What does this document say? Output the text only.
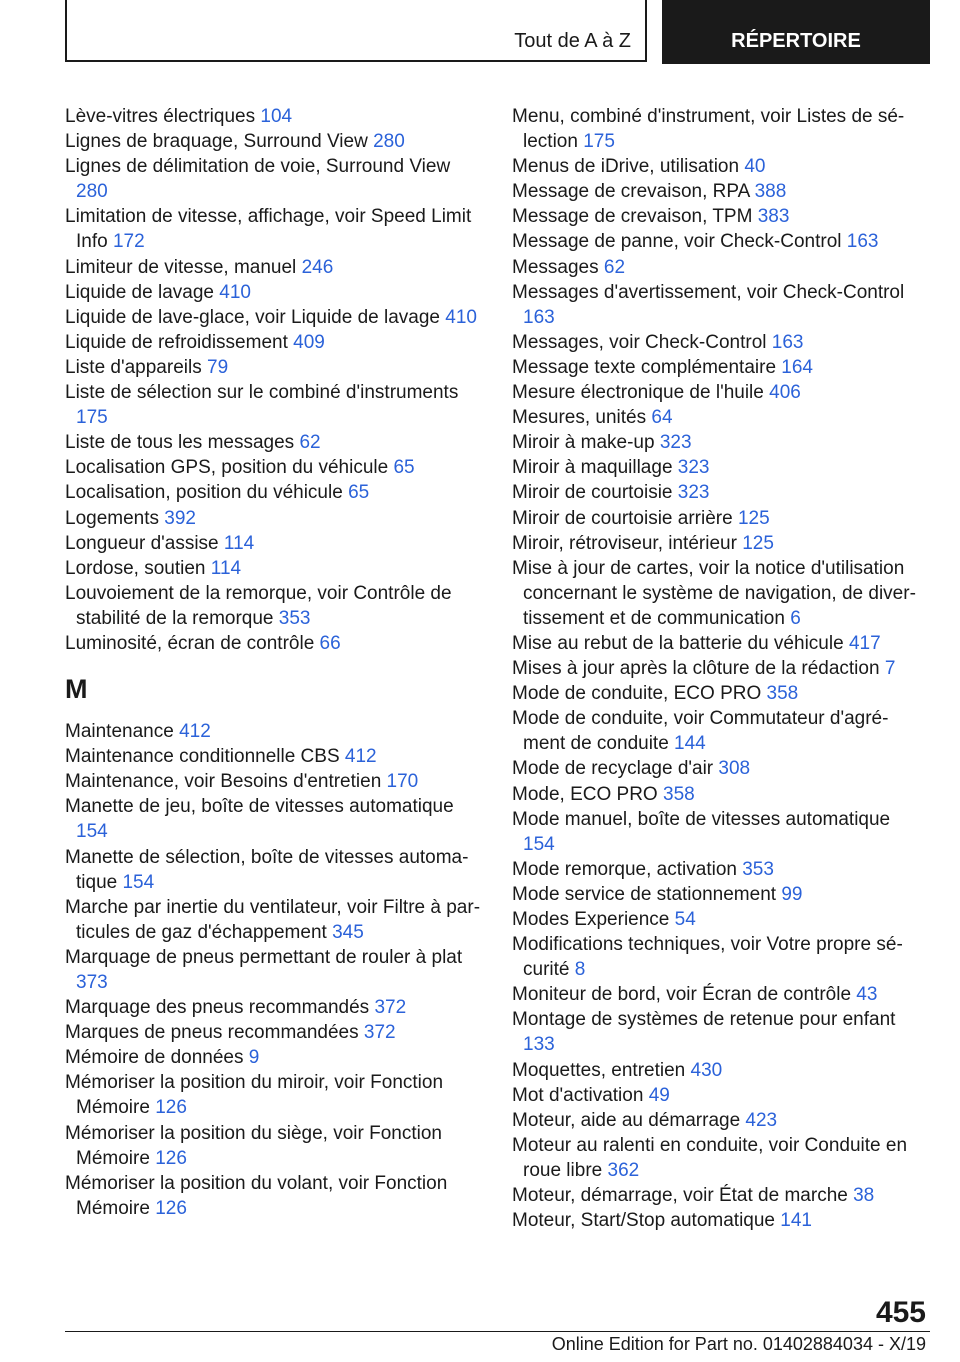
Tout de A à Z	RÉPERTOIRE
Lève-vitres électriques 104
Lignes de braquage, Surround View 280
Lignes de délimitation de voie, Surround View 280
Limitation de vitesse, affichage, voir Speed Limit Info 172
Limiteur de vitesse, manuel 246
Liquide de lavage 410
Liquide de lave-glace, voir Liquide de lavage 410
Liquide de refroidissement 409
Liste d'appareils 79
Liste de sélection sur le combiné d'instruments 175
Liste de tous les messages 62
Localisation GPS, position du véhicule 65
Localisation, position du véhicule 65
Logements 392
Longueur d'assise 114
Lordose, soutien 114
Louvoiement de la remorque, voir Contrôle de stabilité de la remorque 353
Luminosité, écran de contrôle 66
M
Maintenance 412
Maintenance conditionnelle CBS 412
Maintenance, voir Besoins d'entretien 170
Manette de jeu, boîte de vitesses automatique 154
Manette de sélection, boîte de vitesses automatique 154
Marche par inertie du ventilateur, voir Filtre à particules de gaz d'échappement 345
Marquage de pneus permettant de rouler à plat 373
Marquage des pneus recommandés 372
Marques de pneus recommandées 372
Mémoire de données 9
Mémoriser la position du miroir, voir Fonction Mémoire 126
Mémoriser la position du siège, voir Fonction Mémoire 126
Mémoriser la position du volant, voir Fonction Mémoire 126
Menu, combiné d'instrument, voir Listes de sélection 175
Menus de iDrive, utilisation 40
Message de crevaison, RPA 388
Message de crevaison, TPM 383
Message de panne, voir Check-Control 163
Messages 62
Messages d'avertissement, voir Check-Control 163
Messages, voir Check-Control 163
Message texte complémentaire 164
Mesure électronique de l'huile 406
Mesures, unités 64
Miroir à make-up 323
Miroir à maquillage 323
Miroir de courtoisie 323
Miroir de courtoisie arrière 125
Miroir, rétroviseur, intérieur 125
Mise à jour de cartes, voir la notice d'utilisation concernant le système de navigation, de divertissement et de communication 6
Mise au rebut de la batterie du véhicule 417
Mises à jour après la clôture de la rédaction 7
Mode de conduite, ECO PRO 358
Mode de conduite, voir Commutateur d'agrément de conduite 144
Mode de recyclage d'air 308
Mode, ECO PRO 358
Mode manuel, boîte de vitesses automatique 154
Mode remorque, activation 353
Mode service de stationnement 99
Modes Experience 54
Modifications techniques, voir Votre propre sécurité 8
Moniteur de bord, voir Écran de contrôle 43
Montage de systèmes de retenue pour enfant 133
Moquettes, entretien 430
Mot d'activation 49
Moteur, aide au démarrage 423
Moteur au ralenti en conduite, voir Conduite en roue libre 362
Moteur, démarrage, voir État de marche 38
Moteur, Start/Stop automatique 141
455
Online Edition for Part no. 01402884034 - X/19
